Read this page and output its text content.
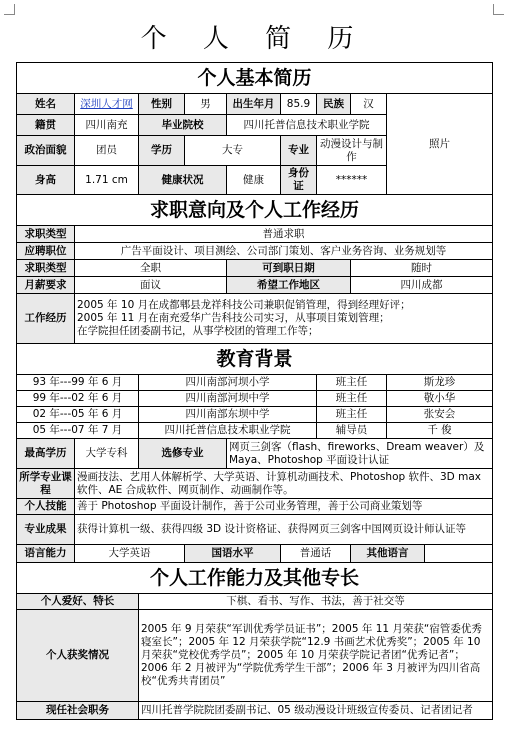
个 人 简 历
个人基本简历									
姓名	深圳人才网	性别	男	出生年月	85.9	民族	汉	照片	
籍贯	四川南充	毕业院校		四川托普信息技术职业学院					
政治面貌	团员	学历	大专		专业	动漫设计与制作			
身高	1.71 cm	健康状况		健康	身份证	******			
求职意向及个人工作经历									
求职类型	普通求职								
应聘职位	广告平面设计、项目测绘、公司部门策划、客户业务咨询、业务规划等								
求职类型	全职			可到职日期			随时		
月薪要求	面议			希望工作地区			四川成都		
工作经历	2005 年 10 月在成都郫县龙祥科技公司兼职促销管理，得到经理好评；
2005 年 11 月在南充爱华广告科技公司实习，从事项目策划管理；
在学院担任团委副书记，从事学校团的管理工作等；								

教育背景									
93 年---99 年 6 月		四川南部河坝小学				班主任		斯龙珍	
99 年---02 年 6 月		四川南部河坝中学				班主任		敬小华	
02 年---05 年 6 月		四川南部东坝中学				班主任		张安会	
05 年---07 年 7 月		四川托普信息技术职业学院				辅导员		千 俊	
最高学历	大学专科	选修专业		网页三剑客（flash、fireworks、Dream weaver）及 Maya、Photoshop 平面设计认证					
所学专业课 程	漫画技法、艺用人体解析学、大学英语、计算机动画技术、Photoshop 软件、3D max 软件、AE 合成软件、网页制作、动画制作等。								
个人技能	善于 Photoshop 平面设计制作，善于公司业务管理，善于公司商业策划等								
专业成果	获得计算机一级、获得四级 3D 设计资格证、获得网页三剑客中国网页设计师认证等								
语言能力	大学英语		国语水平		普通话		其他语言		
个人工作能力及其他专长									
个人爱好、特长		下棋、看书、写作、书法，善于社交等							
个人获奖情况		2005 年 9 月荣获“军训优秀学员证书”；2005 年 11 月荣获“宿管委优秀寝室长”；2005 年 12 月荣获学院“12.9 书画艺术优秀奖”；2005 年 10 月荣获“党校优秀学员”；2005 年 10 月荣获学院记者团“优秀记者”；2006 年 2 月被评为“学院优秀学生干部”；2006 年 3 月被评为四川省高校“优秀共青团员”							
现任社会职务		四川托普学院院团委副书记、05 级动漫设计班级宣传委员、记者团记者							
